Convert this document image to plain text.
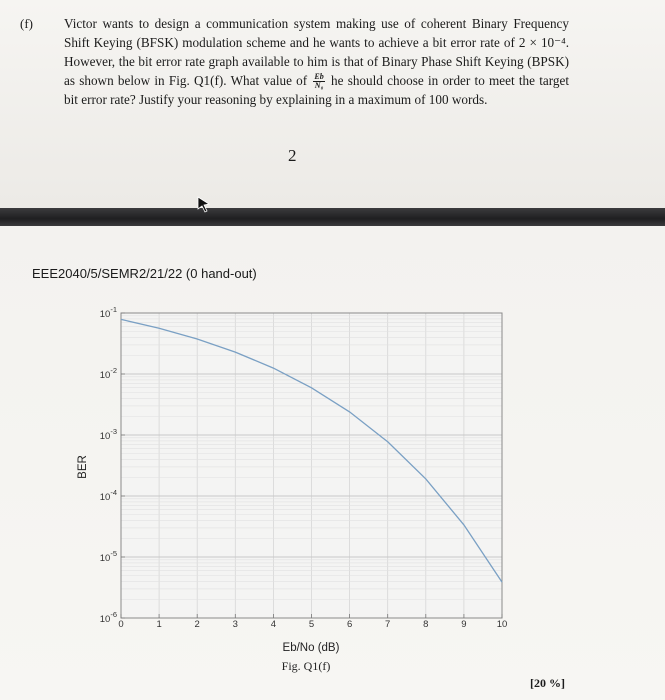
(f) Victor wants to design a communication system making use of coherent Binary Frequency Shift Keying (BFSK) modulation scheme and he wants to achieve a bit error rate of 2 × 10⁻⁴. However, the bit error rate graph available to him is that of Binary Phase Shift Keying (BPSK) as shown below in Fig. Q1(f). What value of $\frac{Eb}{\text{N₀}}$ he should choose in order to meet the target bit error rate? Justify your reasoning by explaining in a maximum of 100 words.
2
EEE2040/5/SEMR2/21/22 (0 hand-out)
0	1	2	3	4	5	6	7	8	9	10
$10^{-1}$
$10^{-2}$
$10^{-3}$
$10^{-4}$
$10^{-5}$
$10^{-6}$
Eb/No (dB)
BER
Fig. Q1(f)
[20 %]
